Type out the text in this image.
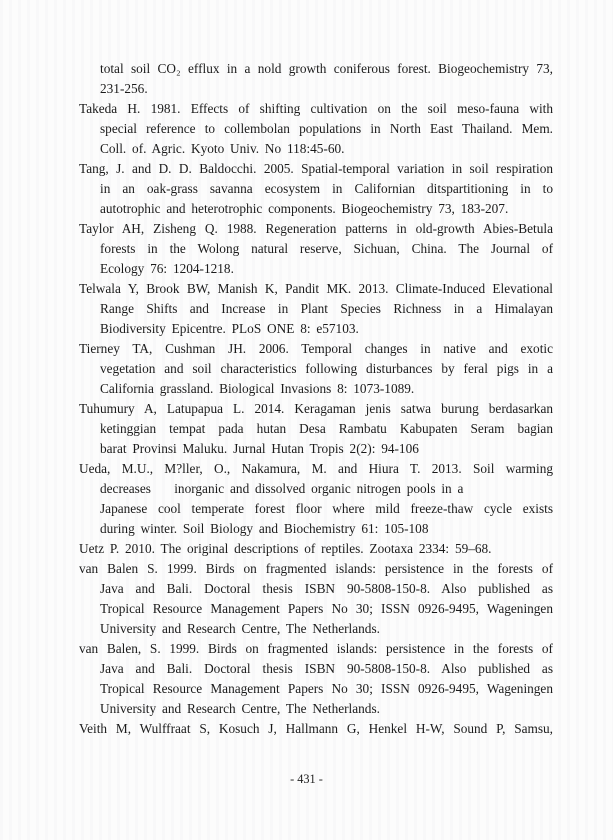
total soil CO₂ efflux in a nold growth coniferous forest. Biogeochemistry 73,
231-256.
Takeda H. 1981. Effects of shifting cultivation on the soil meso-fauna with
special reference to collembolan populations in North East Thailand. Mem.
Coll. of. Agric. Kyoto Univ. No 118:45-60.
Tang, J. and D. D. Baldocchi. 2005. Spatial-temporal variation in soil respiration
in an oak-grass savanna ecosystem in Californian ditspartitioning in to
autotrophic and heterotrophic components. Biogeochemistry 73, 183-207.
Taylor AH, Zisheng Q. 1988. Regeneration patterns in old-growth Abies-Betula
forests in the Wolong natural reserve, Sichuan, China. The Journal of
Ecology 76: 1204-1218.
Telwala Y, Brook BW, Manish K, Pandit MK. 2013. Climate-Induced Elevational
Range Shifts and Increase in Plant Species Richness in a Himalayan
Biodiversity Epicentre. PLoS ONE 8: e57103.
Tierney TA, Cushman JH. 2006. Temporal changes in native and exotic
vegetation and soil characteristics following disturbances by feral pigs in a
California grassland. Biological Invasions 8: 1073-1089.
Tuhumury A, Latupapua L. 2014. Keragaman jenis satwa burung berdasarkan
ketinggian tempat pada hutan Desa Rambatu Kabupaten Seram bagian
barat Provinsi Maluku. Jurnal Hutan Tropis 2(2): 94-106
Ueda, M.U., M?ller, O., Nakamura, M. and Hiura T. 2013. Soil warming
decreases    inorganic and dissolved organic nitrogen pools in a
Japanese cool temperate forest floor where mild freeze-thaw cycle exists
during winter. Soil Biology and Biochemistry 61: 105-108
Uetz P. 2010. The original descriptions of reptiles. Zootaxa 2334: 59–68.
van Balen S. 1999. Birds on fragmented islands: persistence in the forests of
Java and Bali. Doctoral thesis ISBN 90-5808-150-8. Also published as
Tropical Resource Management Papers No 30; ISSN 0926-9495, Wageningen
University and Research Centre, The Netherlands.
van Balen, S. 1999. Birds on fragmented islands: persistence in the forests of
Java and Bali. Doctoral thesis ISBN 90-5808-150-8. Also published as
Tropical Resource Management Papers No 30; ISSN 0926-9495, Wageningen
University and Research Centre, The Netherlands.
Veith M, Wulffraat S, Kosuch J, Hallmann G, Henkel H-W, Sound P, Samsu,
- 431 -
